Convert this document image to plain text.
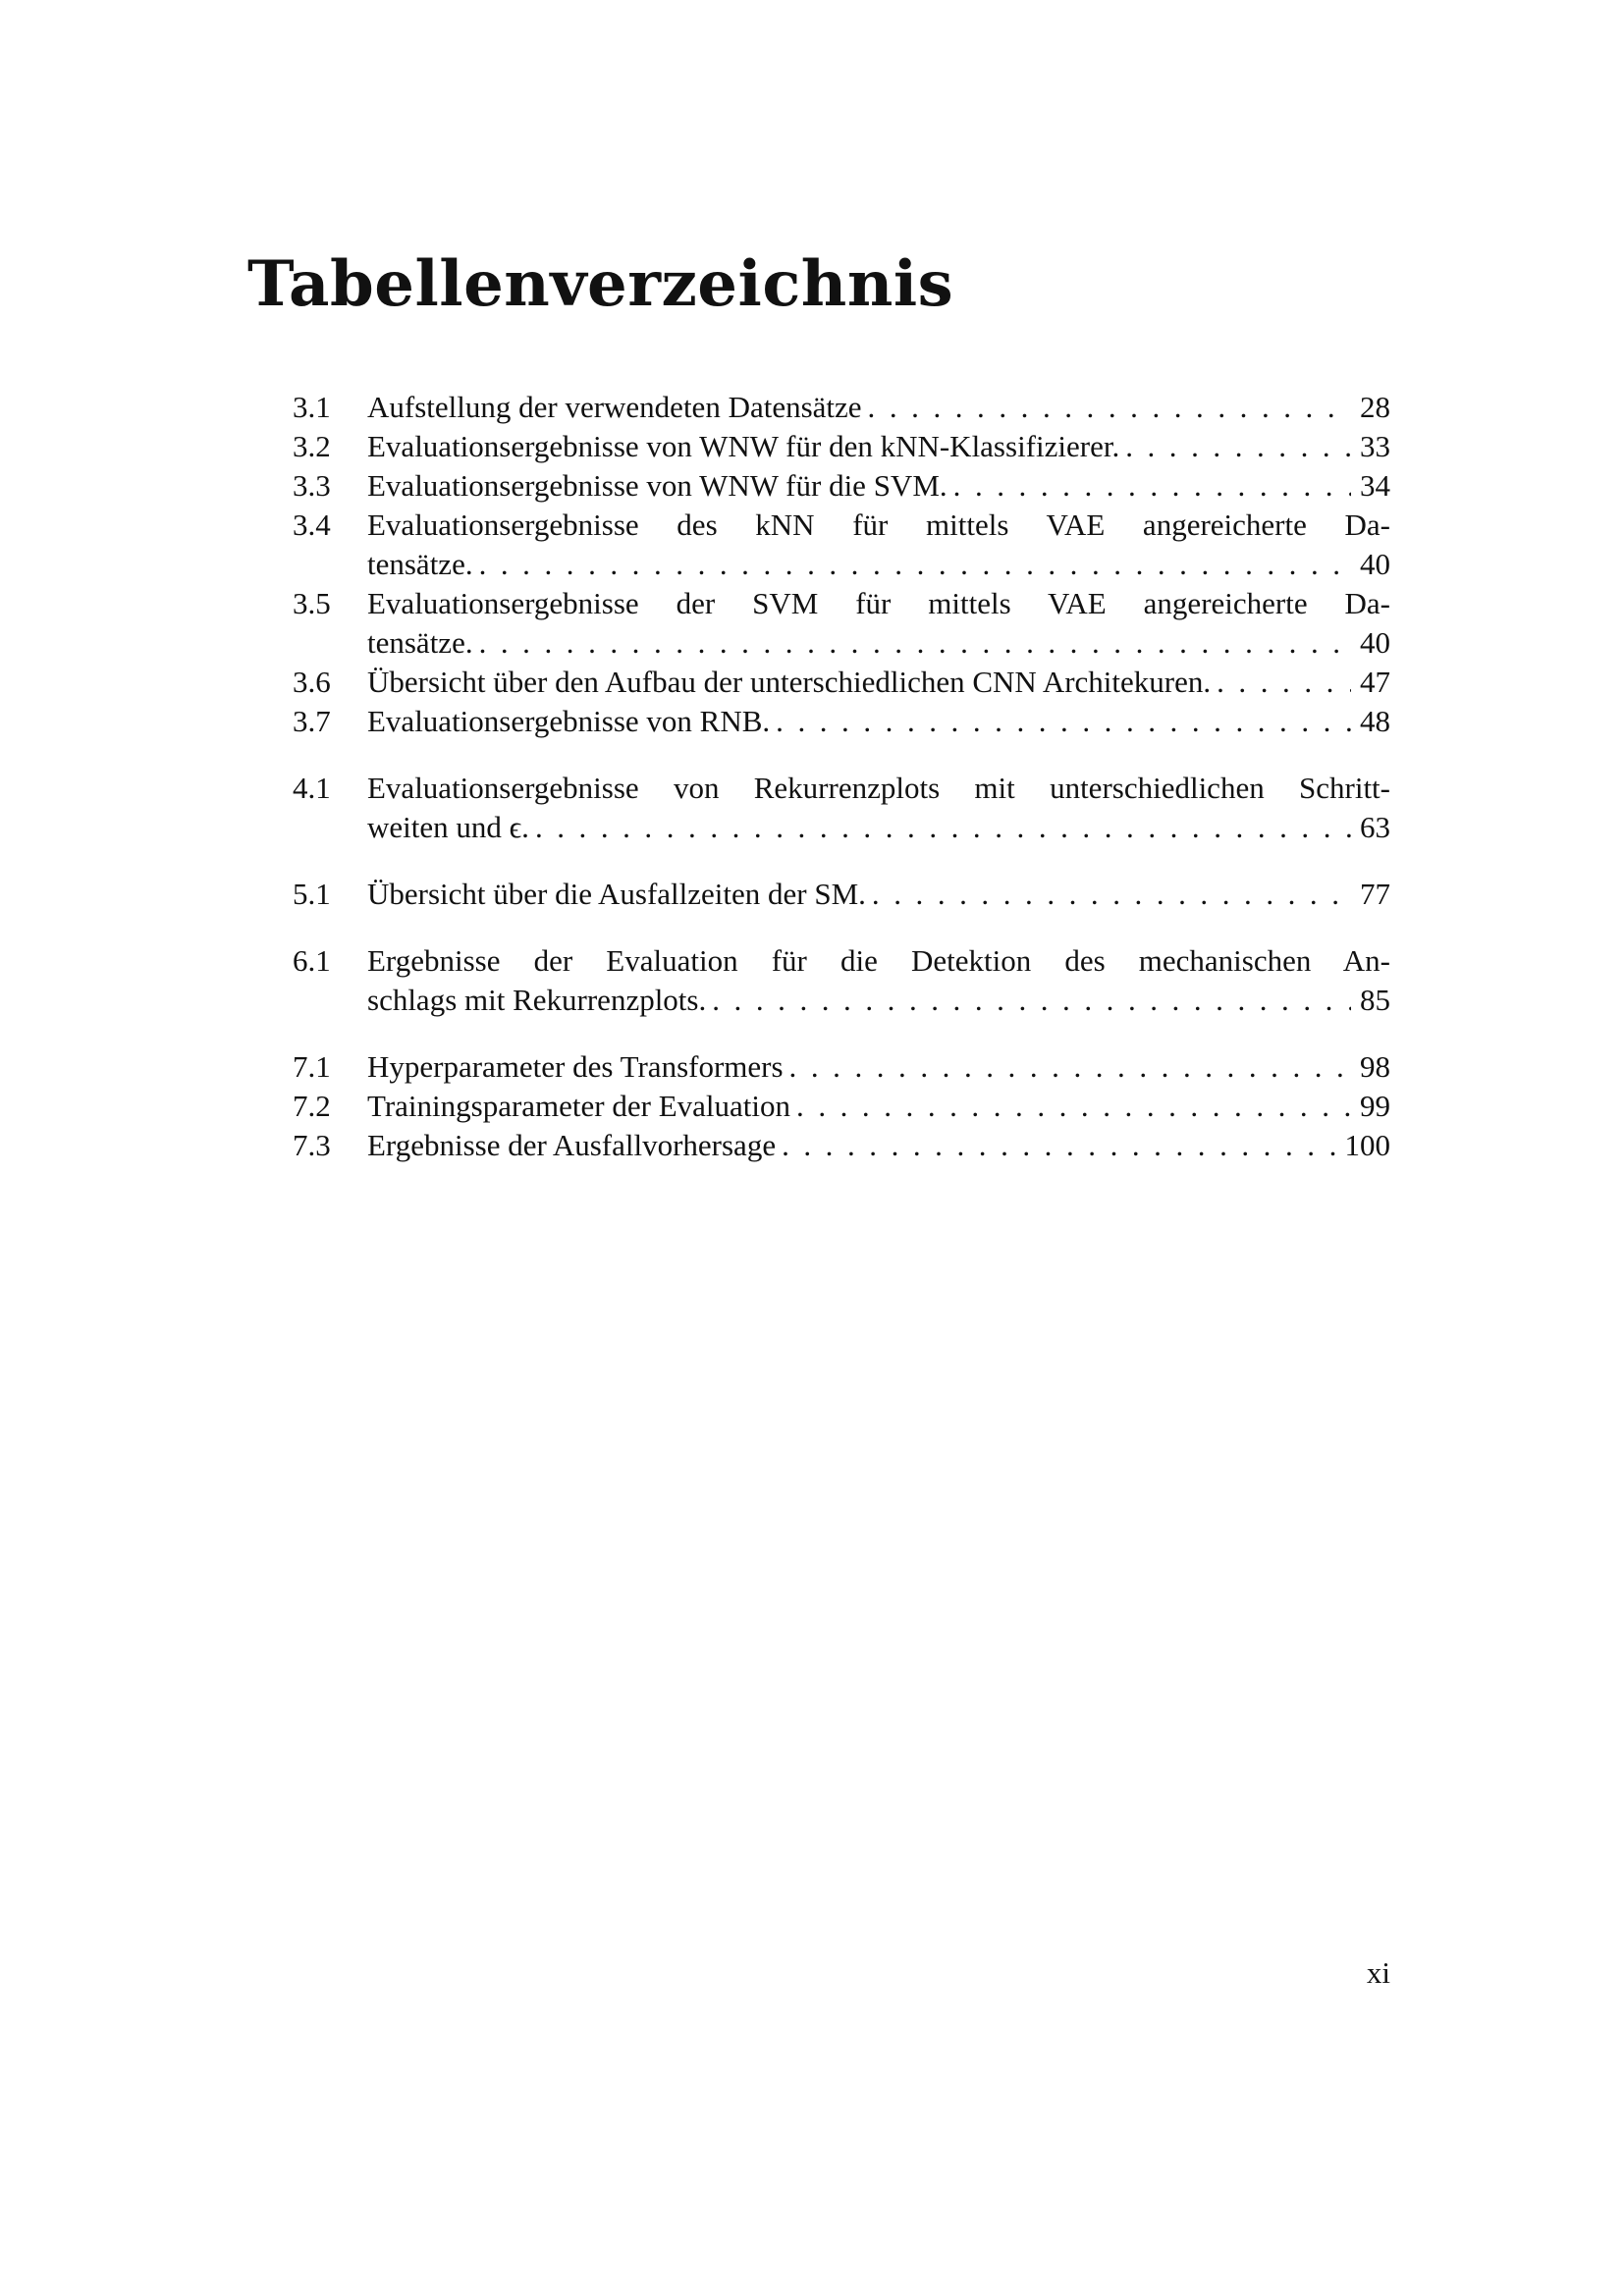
Tabellenverzeichnis
3.1	Aufstellung der verwendeten Datensätze . . .	28
3.2	Evaluationsergebnisse von WNW für den kNN-Klassifizierer. . . .	33
3.3	Evaluationsergebnisse von WNW für die SVM. . . .	34
3.4	Evaluationsergebnisse des kNN für mittels VAE angereicherte Da-
tensätze. . . .	40
3.5	Evaluationsergebnisse der SVM für mittels VAE angereicherte Da-
tensätze. . . .	40
3.6	Übersicht über den Aufbau der unterschiedlichen CNN Architekuren. . . .	47
3.7	Evaluationsergebnisse von RNB. . . .	48
4.1	Evaluationsergebnisse von Rekurrenzplots mit unterschiedlichen Schritt-
weiten und ϵ. . . .	63
5.1	Übersicht über die Ausfallzeiten der SM. . . .	77
6.1	Ergebnisse der Evaluation für die Detektion des mechanischen An-
schlags mit Rekurrenzplots. . . .	85
7.1	Hyperparameter des Transformers . . .	98
7.2	Trainingsparameter der Evaluation . . .	99
7.3	Ergebnisse der Ausfallvorhersage . . .	100
xi
